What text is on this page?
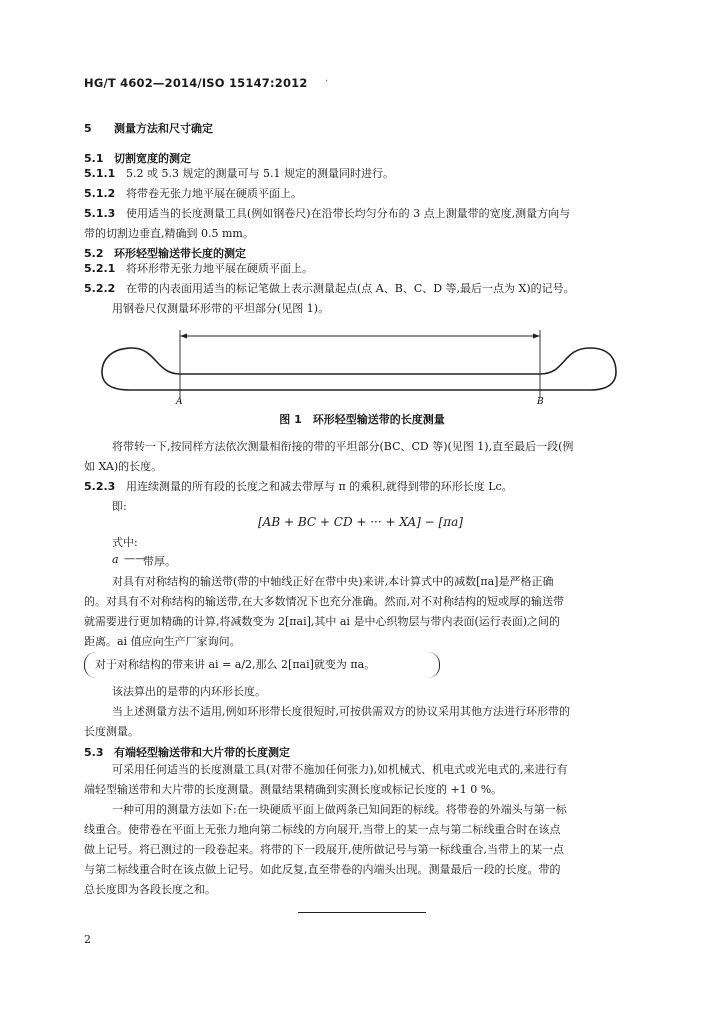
HG/T 4602—2014/ISO 15147:2012 ·
5 测量方法和尺寸确定
5.1 切割宽度的测定
5.1.1 5.2 或 5.3 规定的测量可与 5.1 规定的测量同时进行。
5.1.2 将带卷无张力地平展在硬质平面上。
5.1.3 使用适当的长度测量工具(例如钢卷尺)在沿带长均匀分布的 3 点上测量带的宽度,测量方向与
带的切割边垂直,精确到 0.5 mm。
5.2 环形轻型输送带长度的测定
5.2.1 将环形带无张力地平展在硬质平面上。
5.2.2 在带的内表面用适当的标记笔做上表示测量起点(点 A、B、C、D 等,最后一点为 X)的记号。
用钢卷尺仅测量环形带的平坦部分(见图 1)。
A	B
图 1　环形轻型输送带的长度测量
将带转一下,按同样方法依次测量相衔接的带的平坦部分(BC、CD 等)(见图 1),直至最后一段(例
如 XA)的长度。
5.2.3 用连续测量的所有段的长度之和减去带厚与 π 的乘积,就得到带的环形长度 Lc。
即:
[AB + BC + CD + ··· + XA] − [πa]
式中:
a ——
带厚。
对具有对称结构的输送带(带的中轴线正好在带中央)来讲,本计算式中的减数[πa]是严格正确
的。对具有不对称结构的输送带,在大多数情况下也充分准确。然而,对不对称结构的短或厚的输送带
就需要进行更加精确的计算,将减数变为 2[πai],其中 ai 是中心织物层与带内表面(运行表面)之间的
距离。ai 值应向生产厂家询问。
对于对称结构的带来讲 ai = a/2,那么 2[πai]就变为 πa。
该法算出的是带的内环形长度。
当上述测量方法不适用,例如环形带长度很短时,可按供需双方的协议采用其他方法进行环形带的
长度测量。
5.3 有端轻型输送带和大片带的长度测定
可采用任何适当的长度测量工具(对带不施加任何张力),如机械式、机电式或光电式的,来进行有
端轻型输送带和大片带的长度测量。测量结果精确到实测长度或标记长度的 +1 0 %。
一种可用的测量方法如下:在一块硬质平面上做两条已知间距的标线。将带卷的外端头与第一标
线重合。使带卷在平面上无张力地向第二标线的方向展开,当带上的某一点与第二标线重合时在该点
做上记号。将已测过的一段卷起来。将带的下一段展开,使所做记号与第一标线重合,当带上的某一点
与第二标线重合时在该点做上记号。如此反复,直至带卷的内端头出现。测量最后一段的长度。带的
总长度即为各段长度之和。
2
